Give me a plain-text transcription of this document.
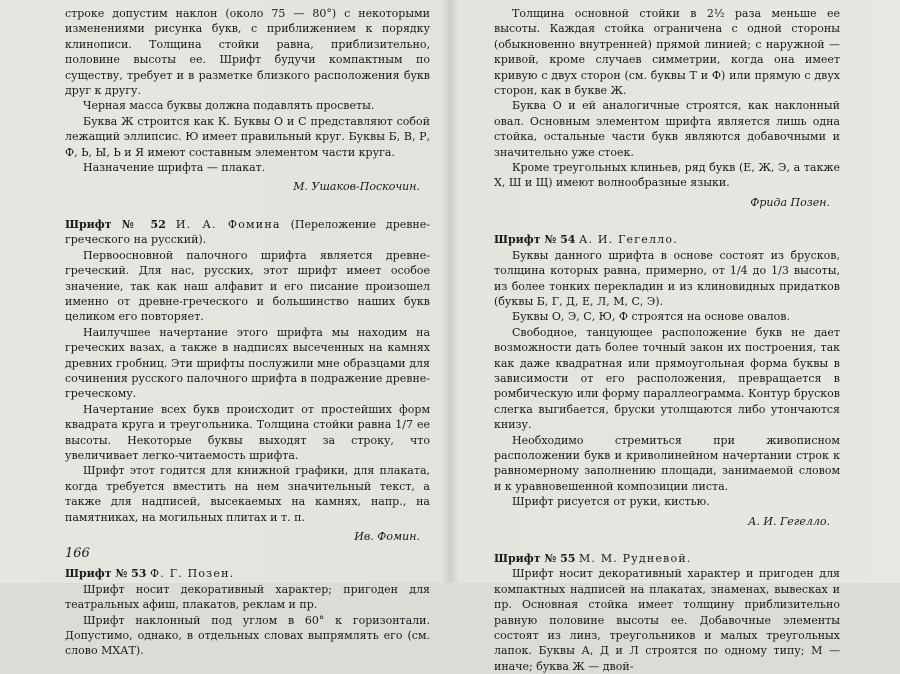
строке допустим наклон (около 75 — 80°) с некоторыми изменениями рисунка букв, с приближением к порядку клинописи. Толщина стойки равна, приблизительно, половине высоты ее. Шрифт будучи компактным по существу, требует и в разметке близкого расположения букв друг к другу.

Черная масса буквы должна подавлять просветы.

Буква Ж строится как К. Буквы О и С представляют собой лежащий эллипсис. Ю имеет правильный круг. Буквы Б, В, Р, Ф, Ь, Ы, Ь и Я имеют составным элементом части круга.

Назначение шрифта — плакат.

М. Ушаков-Поскочин.

Шрифт № 52 И. А. Фомина (Переложение древне-греческого на русский).

Первоосновной палочного шрифта является древне-греческий. Для нас, русских, этот шрифт имеет особое значение, так как наш алфавит и его писание произошел именно от древне-греческого и большинство наших букв целиком его повторяет.

Наилучшее начертание этого шрифта мы находим на греческих вазах, а также в надписях высеченных на камнях древних гробниц. Эти шрифты послужили мне образцами для сочинения русского палочного шрифта в подражение древне-греческому.

Начертание всех букв происходит от простейших форм квадрата круга и треугольника. Толщина стойки равна 1/7 ее высоты. Некоторые буквы выходят за строку, что увеличивает легко-читаемость шрифта.

Шрифт этот годится для книжной графики, для плаката, когда требуется вместить на нем значительный текст, а также для надписей, высекаемых на камнях, напр., на памятниках, на могильных плитах и т. п.

Ив. Фомин.

Шрифт № 53 Ф. Г. Позен.

Шрифт носит декоративный характер; пригоден для театральных афиш, плакатов, реклам и пр.

Шрифт наклонный под углом в 60° к горизонтали. Допустимо, однако, в отдельных словах выпрямлять его (см. слово МХАТ).

166

Толщина основной стойки в 2½ раза меньше ее высоты. Каждая стойка ограничена с одной стороны (обыкновенно внутренней) прямой линией; с наружной — кривой, кроме случаев симметрии, когда она имеет кривую с двух сторон (см. буквы Т и Ф) или прямую с двух сторон, как в букве Ж.

Буква О и ей аналогичные строятся, как наклонный овал. Основным элементом шрифта является лишь одна стойка, остальные части букв являются добавочными и значительно уже стоек.

Кроме треугольных клиньев, ряд букв (Е, Ж, Э, а также Х, Ш и Щ) имеют волнообразные языки.

Фрида Позен.

Шрифт № 54 А. И. Гегелло.

Буквы данного шрифта в основе состоят из брусков, толщина которых равна, примерно, от 1/4 до 1/3 высоты, из более тонких перекладин и из клиновидных придатков (буквы Б, Г, Д, Е, Л, М, С, Э).

Буквы О, Э, С, Ю, Ф строятся на основе овалов.

Свободное, танцующее расположение букв не дает возможности дать более точный закон их построения, так как даже квадратная или прямоугольная форма буквы в зависимости от его расположения, превращается в ромбическую или форму параллеограмма. Контур брусков слегка выгибается, бруски утолщаются либо утончаются книзу.

Необходимо стремиться при живописном расположении букв и криволинейном начертании строк к равномерному заполнению площади, занимаемой словом и к уравновешенной композиции листа.

Шрифт рисуется от руки, кистью.

А. И. Гегелло.

Шрифт № 55 М. М. Рудневой.

Шрифт носит декоративный характер и пригоден для компактных надписей на плакатах, знаменах, вывесках и пр. Основная стойка имеет толщину приблизительно равную половине высоты ее. Добавочные элементы состоят из линз, треугольников и малых треугольных лапок. Буквы А, Д и Л строятся по одному типу; М — иначе; буква Ж — двой-
